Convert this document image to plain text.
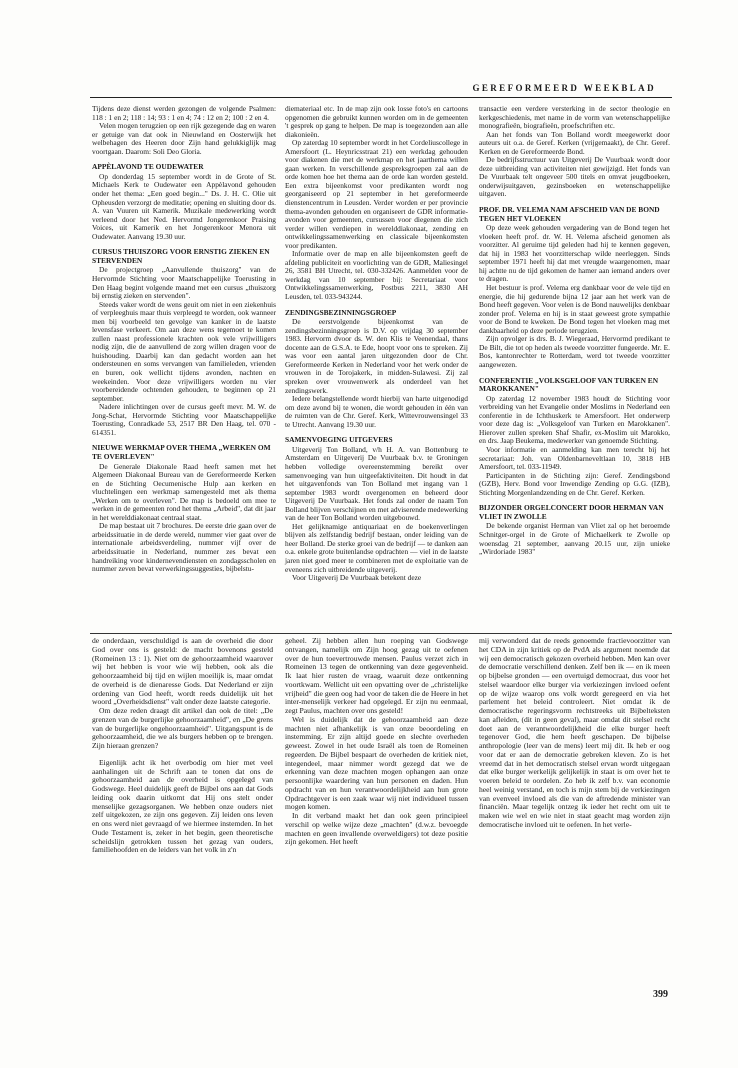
GEREFORMEERD WEEKBLAD

Tijdens deze dienst werden gezongen de volgende Psalmen: 118 : 1 en 2; 118 : 14; 93 : 1 en 4; 74 : 12 en 2; 100 : 2 en 4.

Velen mogen terugzien op een rijk gezegende dag en waren er getuige van dat ook in Nieuwland en Oosterwijk het welbehagen des Heeren door Zijn hand gelukkiglijk mag voortgaan. Daarom: Soli Deo Gloria.

APPÈLAVOND TE OUDEWATER

Op donderdag 15 september wordt in de Grote of St. Michaels Kerk te Oudewater een Appèlavond gehouden onder het thema: „Een goed begin..." Ds. J. H. C. Olie uit Opheusden verzorgt de meditatie; opening en sluiting door ds. A. van Vuuren uit Kamerik. Muzikale medewerking wordt verleend door het Ned. Hervormd Jongerenkoor Praising Voices, uit Kamerik en het Jongerenkoor Menora uit Oudewater. Aanvang 19.30 uur.

CURSUS THUISZORG VOOR ERNSTIG ZIEKEN EN STERVENDEN

De projectgroep „Aanvullende thuiszorg" van de Hervormde Stichting voor Maatschappelijke Toerusting in Den Haag begint volgende maand met een cursus „thuiszorg bij ernstig zieken en stervenden".

Steeds vaker wordt de wens geuit om niet in een ziekenhuis of verpleeghuis maar thuis verpleegd te worden, ook wanneer men bij voorbeeld ten gevolge van kanker in de laatste levensfase verkeert. Om aan deze wens tegemoet te komen zullen naast professionele krachten ook vele vrijwilligers nodig zijn, die de aanvullend de zorg willen dragen voor de huishouding. Daarbij kan dan gedacht worden aan het ondersteunen en soms vervangen van familieleden, vrienden en buren, ook wellicht tijdens avonden, nachten en weekeinden. Voor deze vrijwilligers worden nu vier voorbereidende ochtenden gehouden, te beginnen op 21 september.

Nadere inlichtingen over de cursus geeft mevr. M. W. de Jong-Schat, Hervormde Stichting voor Maatschappelijke Toerusting, Conradkade 53, 2517 BR Den Haag, tel. 070 - 614351.

NIEUWE WERKMAP OVER THEMA „WERKEN OM TE OVERLEVEN"

De Generale Diakonale Raad heeft samen met het Algemeen Diakonaal Bureau van de Gereformeerde Kerken en de Stichting Oecumenische Hulp aan kerken en vluchtelingen een werkmap samengesteld met als thema „Werken om te overleven". De map is bedoeld om mee te werken in de gemeenten rond het thema „Arbeid", dat dit jaar in het werelddiakonaat centraal staat.

De map bestaat uit 7 brochures. De eerste drie gaan over de arbeidssituatie in de derde wereld, nummer vier gaat over de internationale arbeidsverdeling, nummer vijf over de arbeidssituatie in Nederland, nummer zes bevat een handreiking voor kindernevendiensten en zondagsscholen en nummer zeven bevat verwerkingssuggesties, bijbelstu-

diemateriaal etc. In de map zijn ook losse foto's en cartoons opgenomen die gebruikt kunnen worden om in de gemeenten 't gesprek op gang te helpen. De map is toegezonden aan alle diakonieën.

Op zaterdag 10 september wordt in het Cordeliuscollege in Amersfoort (L. Heynricsstraat 21) een werkdag gehouden voor diakenen die met de werkmap en het jaarthema willen gaan werken. In verschillende gespreksgroepen zal aan de orde komen hoe het thema aan de orde kan worden gesteld. Een extra bijeenkomst voor predikanten wordt nog georganiseerd op 21 september in het gereformeerde dienstencentrum in Leusden. Verder worden er per provincie thema-avonden gehouden en organiseert de GDR informatie-avonden voor gemeenten, cursussen voor diegenen die zich verder willen verdiepen in werelddiakonaat, zending en ontwikkelingssamenwerking en classicale bijeenkomsten voor predikanten.

Informatie over de map en alle bijeenkomsten geeft de afdeling publiciteit en voorlichting van de GDR, Maliesingel 26, 3581 BH Utrecht, tel. 030-332426. Aanmelden voor de werkdag van 10 september bij: Secretariaat voor Ontwikkelingssamenwerking, Postbus 2211, 3830 AH Leusden, tel. 033-943244.

ZENDINGSBEZINNINGSGROEP

De eerstvolgende bijeenkomst van de zendingsbezinningsgroep is D.V. op vrijdag 30 september 1983. Hervorm dvoor ds. W. den Klis te Veenendaal, thans docente aan de G.S.A. te Ede, hoopt voor ons te spreken. Zij was voor een aantal jaren uitgezonden door de Chr. Gereformeerde Kerken in Nederland voor het werk onder de vrouwen in de Torojakerk, in midden-Sulawesi. Zij zal spreken over vrouwenwerk als onderdeel van het zendingswerk.

Iedere belangstellende wordt hierbij van harte uitgenodigd om deze avond bij te wonen, die wordt gehouden in één van de ruimten van de Chr. Geref. Kerk, Wittevrouwensingel 33 te Utrecht. Aanvang 19.30 uur.

SAMENVOEGING UITGEVERS

Uitgeverij Ton Bolland, v/h H. A. van Bottenburg te Amsterdam en Uitgeverij De Vuurbaak b.v. te Groningen hebben volledige overeenstemming bereikt over samenvoeging van hun uitgeefaktiviteiten. Dit houdt in dat het uitgavenfonds van Ton Bolland met ingang van 1 september 1983 wordt overgenomen en beheerd door Uitgeverij De Vuurbaak. Het fonds zal onder de naam Ton Bolland blijven verschijnen en met adviserende medewerking van de heer Ton Bolland worden uitgebouwd.

Het gelijknamige antiquariaat en de boekenverlingen blijven als zelfstandig bedrijf bestaan, onder leiding van de heer Bolland. De sterke groei van de bedrijf — te danken aan o.a. enkele grote buitenlandse opdrachten — viel in de laatste jaren niet goed meer te combineren met de exploitatie van de eveneens zich uitbreidende uitgeverij.

Voor Uitgeverij De Vuurbaak betekent deze

transactie een verdere versterking in de sector theologie en kerkgeschiedenis, met name in de vorm van wetenschappelijke monografieën, biografieën, proefschriften etc.

Aan het fonds van Ton Bolland wordt meegewerkt door auteurs uit o.a. de Geref. Kerken (vrijgemaakt), de Chr. Geref. Kerken en de Gereformeerde Bond.

De bedrijfsstructuur van Uitgeverij De Vuurbaak wordt door deze uitbreiding van activiteiten niet gewijzigd. Het fonds van De Vuurbaak telt ongeveer 500 titels en omvat jeugdboeken, onderwijsuitgaven, gezinsboeken en wetenschappelijke uitgaven.

PROF. DR. VELEMA NAM AFSCHEID VAN DE BOND TEGEN HET VLOEKEN

Op deze week gehouden vergadering van de Bond tegen het vloeken heeft prof. dr. W. H. Velema afscheid genomen als voorzitter. Al geruime tijd geleden had hij te kennen gegeven, dat hij in 1983 het voorzitterschap wilde neerleggen. Sinds september 1971 heeft hij dat met vreugde waargenomen, maar hij achtte nu de tijd gekomen de hamer aan iemand anders over te dragen.

Het bestuur is prof. Velema erg dankbaar voor de vele tijd en energie, die hij gedurende bijna 12 jaar aan het werk van de Bond heeft gegeven. Voor velen is de Bond nauwelijks denkbaar zonder prof. Velema en hij is in staat geweest grote sympathie voor de Bond te kweken. De Bond tegen het vloeken mag met dankbaarheid op deze periode terugzien.

Zijn opvolger is drs. B. J. Wiegeraad, Hervormd predikant te De Bilt, die tot op heden als tweede voorzitter fungeerde. Mr. E. Bos, kantonrechter te Rotterdam, werd tot tweede voorzitter aangewezen.

CONFERENTIE „VOLKSGELOOF VAN TURKEN EN MAROKKANEN"

Op zaterdag 12 november 1983 houdt de Stichting voor verbreiding van het Evangelie onder Moslims in Nederland een conferentie in de Ichthuskerk te Amersfoort. Het onderwerp voor deze dag is: „Volksgeloof van Turken en Marokkanen". Hierover zullen spreken Shaf Shafir, ex-Moslim uit Marokko, en drs. Jaap Beukema, medewerker van genoemde Stichting.

Voor informatie en aanmelding kan men terecht bij het secretariaat: Joh. van Oldenbarneveltlaan 10, 3818 HB Amersfoort, tel. 033-11949.

Participanten in de Stichting zijn: Geref. Zendingsbond (GZB), Herv. Bond voor Inwendige Zending op G.G. (IZB), Stichting Morgenlandzending en de Chr. Geref. Kerken.

BIJZONDER ORGELCONCERT DOOR HERMAN VAN VLIET IN ZWOLLE

De bekende organist Herman van Vliet zal op het beroemde Schnitger-orgel in de Grote of Michaelkerk te Zwolle op woensdag 21 september, aanvang 20.15 uur, zijn unieke „Wirdoriade 1983"

de onderdaan, verschuldigd is aan de overheid die door God over ons is gesteld: de macht bovenons gesteld (Romeinen 13 : 1). Niet om de gehoorzaamheid waarover wij het hebben is voor wie wij hebben, ook als die gehoorzaamheid bij tijd en wijlen moeilijk is, maar omdat de overheid is de dienaresse Gods. Dat Nederland er zijn ordening van God heeft, wordt reeds duidelijk uit het woord „Overheidsdienst" valt onder deze laatste categorie.

Om deze reden draagt dit artikel dan ook de titel: „De grenzen van de burgerlijke gehoorzaamheid", en „De grens van de burgerlijke ongehoorzaamheid". Uitgangspunt is de gehoorzaamheid, die we als burgers hebben op te brengen. Zijn hieraan grenzen?

Eigenlijk acht ik het overbodig om hier met veel aanhalingen uit de Schrift aan te tonen dat ons de gehoorzaamheid aan de overheid is opgelegd van Godswege. Heel duidelijk geeft de Bijbel ons aan dat Gods leiding ook daarin uitkomt dat Hij ons stelt onder menselijke gezagsorganen. We hebben onze ouders niet zelf uitgekozen, ze zijn ons gegeven. Zij leiden ons leven en ons werd niet gevraagd of we hiermee instemden. In het Oude Testament is, zeker in het begin, geen theoretische scheidslijn getrokken tussen het gezag van ouders, familiehoofden en de leiders van het volk in z'n

geheel. Zij hebben allen hun roeping van Godswege ontvangen, namelijk om Zijn hoog gezag uit te oefenen over de hun toevertrouwde mensen. Paulus verzet zich in Romeinen 13 tegen de ontkenning van deze gegevenheid. Ik laat hier rusten de vraag, waaruit deze ontkenning voortkwam. Wellicht uit een opvatting over de „christelijke vrijheid" die geen oog had voor de taken die de Heere in het inter-menselijk verkeer had opgelegd. Er zijn nu eenmaal, zegt Paulus, machten over ons gesteld!

Wel is duidelijk dat de gehoorzaamheid aan deze machten niet afhankelijk is van onze beoordeling en instemming. Er zijn altijd goede en slechte overheden geweest. Zowel in het oude Israël als toen de Romeinen regeerden. De Bijbel bespaart de overheden de kritiek niet, integendeel, maar nimmer wordt gezegd dat we de erkenning van deze machten mogen ophangen aan onze persoonlijke waardering van hun personen en daden. Hun opdracht van en hun verantwoordelijkheid aan hun grote Opdrachtgever is een zaak waar wij niet individueel tussen mogen komen.

In dit verband maakt het dan ook geen principieel verschil op welke wijze deze „machten" (d.w.z. bevoegde machten en geen invallende overweldigers) tot deze positie zijn gekomen. Het heeft

mij verwonderd dat de reeds genoemde fractievoorzitter van het CDA in zijn kritiek op de PvdA als argument noemde dat wij een democratisch gekozen overheid hebben. Men kan over de democratie verschillend denken. Zelf ben ik — en ik meen op bijbelse gronden — een overtuigd democraat, dus voor het stelsel waardoor elke burger via verkiezingen invloed oefent op de wijze waarop ons volk wordt geregeerd en via het parlement het beleid controleert. Niet omdat ik de democratische regeringsvorm rechtstreeks uit Bijbelteksten kan afleiden, (dit in geen geval), maar omdat dit stelsel recht doet aan de verantwoordelijkheid die elke burger heeft tegenover God, die hem heeft geschapen. De bijbelse anthropologie (leer van de mens) leert mij dit. Ik heb er oog voor dat er aan de democratie gebreken kleven. Zo is het vreemd dat in het democratisch stelsel ervan wordt uitgegaan dat elke burger werkelijk gelijkelijk in staat is om over het te voeren beleid te oordelen. Zo heb ik zelf b.v. van economie heel weinig verstand, en toch is mijn stem bij de verkiezingen van evenveel invloed als die van de aftredende minister van financiën. Maar tegelijk ontzeg ik ieder het recht om uit te maken wie wel en wie niet in staat geacht mag worden zijn democratische invloed uit te oefenen. In het verle-

399
